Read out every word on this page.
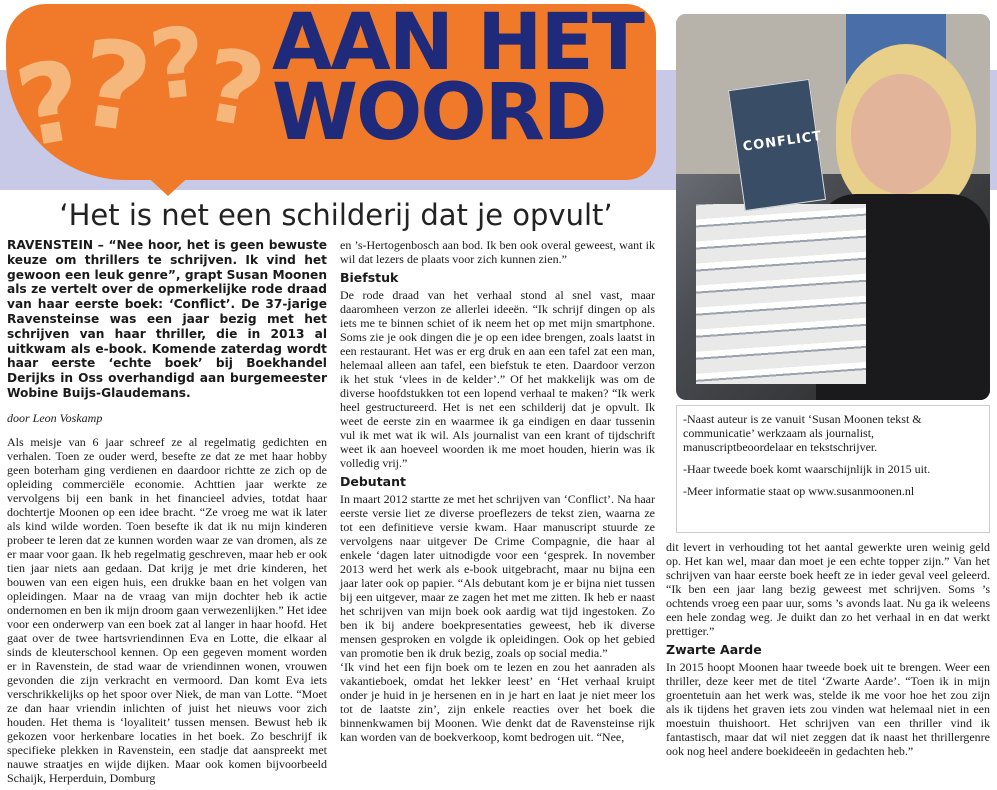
?
?
?
? AAN HET
WOORD	CONFLICT
‘Het is net een schilderij dat je opvult’

RAVENSTEIN – “Nee hoor, het is geen bewuste keuze om thrillers te schrijven. Ik vind het gewoon een leuk genre”, grapt Susan Moonen als ze vertelt over de opmerkelijke rode draad van haar eerste boek: ‘Conflict’. De 37-jarige Ravensteinse was een jaar bezig met het schrijven van haar thriller, die in 2013 al uitkwam als e-book. Komende zaterdag wordt haar eerste ‘echte boek’ bij Boekhandel Derijks in Oss overhandigd aan burgemeester Wobine Buijs-Glaudemans.

door Leon Voskamp

Als meisje van 6 jaar schreef ze al regelmatig gedichten en verhalen. Toen ze ouder werd, besefte ze dat ze met haar hobby geen boterham ging verdienen en daardoor richtte ze zich op de opleiding commerciële economie. Achttien jaar werkte ze vervolgens bij een bank in het financieel advies, totdat haar dochtertje Moonen op een idee bracht. “Ze vroeg me wat ik later als kind wilde worden. Toen besefte ik dat ik nu mijn kinderen probeer te leren dat ze kunnen worden waar ze van dromen, als ze er maar voor gaan. Ik heb regelmatig geschreven, maar heb er ook tien jaar niets aan gedaan. Dat krijg je met drie kinderen, het bouwen van een eigen huis, een drukke baan en het volgen van opleidingen. Maar na de vraag van mijn dochter heb ik actie ondernomen en ben ik mijn droom gaan verwezenlijken.” Het idee voor een onderwerp van een boek zat al langer in haar hoofd. Het gaat over de twee hartsvriendinnen Eva en Lotte, die elkaar al sinds de kleuterschool kennen. Op een gegeven moment worden er in Ravenstein, de stad waar de vriendinnen wonen, vrouwen gevonden die zijn verkracht en vermoord. Dan komt Eva iets verschrikkelijks op het spoor over Niek, de man van Lotte. “Moet ze dan haar vriendin inlichten of juist het nieuws voor zich houden. Het thema is ‘loyaliteit’ tussen mensen. Bewust heb ik gekozen voor herkenbare locaties in het boek. Zo beschrijf ik specifieke plekken in Ravenstein, een stadje dat aanspreekt met nauwe straatjes en wijde dijken. Maar ook komen bijvoorbeeld Schaijk, Herperduin, Domburg

en ’s-Hertogenbosch aan bod. Ik ben ook overal geweest, want ik wil dat lezers de plaats voor zich kunnen zien.”

Biefstuk

De rode draad van het verhaal stond al snel vast, maar daaromheen verzon ze allerlei ideeën. “Ik schrijf dingen op als iets me te binnen schiet of ik neem het op met mijn smartphone. Soms zie je ook dingen die je op een idee brengen, zoals laatst in een restaurant. Het was er erg druk en aan een tafel zat een man, helemaal alleen aan tafel, een biefstuk te eten. Daardoor verzon ik het stuk ‘vlees in de kelder’.” Of het makkelijk was om de diverse hoofdstukken tot een lopend verhaal te maken? “Ik werk heel gestructureerd. Het is net een schilderij dat je opvult. Ik weet de eerste zin en waarmee ik ga eindigen en daar tussenin vul ik met wat ik wil. Als journalist van een krant of tijdschrift weet ik aan hoeveel woorden ik me moet houden, hierin was ik volledig vrij.”

Debutant

In maart 2012 startte ze met het schrijven van ‘Conflict’. Na haar eerste versie liet ze diverse proeflezers de tekst zien, waarna ze tot een definitieve versie kwam. Haar manuscript stuurde ze vervolgens naar uitgever De Crime Compagnie, die haar al enkele ‘dagen later uitnodigde voor een ‘gesprek. In november 2013 werd het werk als e-book uitgebracht, maar nu bijna een jaar later ook op papier. “Als debutant kom je er bijna niet tussen bij een uitgever, maar ze zagen het met me zitten. Ik heb er naast het schrijven van mijn boek ook aardig wat tijd ingestoken. Zo ben ik bij andere boekpresentaties geweest, heb ik diverse mensen gesproken en volgde ik opleidingen. Ook op het gebied van promotie ben ik druk bezig, zoals op social media.”

‘Ik vind het een fijn boek om te lezen en zou het aanraden als vakantieboek, omdat het lekker leest’ en ‘Het verhaal kruipt onder je huid in je hersenen en in je hart en laat je niet meer los tot de laatste zin’, zijn enkele reacties over het boek die binnenkwamen bij Moonen. Wie denkt dat de Ravensteinse rijk kan worden van de boekverkoop, komt bedrogen uit. “Nee,

-Naast auteur is ze vanuit ‘Susan Moonen tekst & communicatie’ werkzaam als journalist, manuscriptbeoordelaar en tekstschrijver.

-Haar tweede boek komt waarschijnlijk in 2015 uit.

-Meer informatie staat op www.susanmoonen.nl

dit levert in verhouding tot het aantal gewerkte uren weinig geld op. Het kan wel, maar dan moet je een echte topper zijn.” Van het schrijven van haar eerste boek heeft ze in ieder geval veel geleerd. “Ik ben een jaar lang bezig geweest met schrijven. Soms ’s ochtends vroeg een paar uur, soms ’s avonds laat. Nu ga ik weleens een hele zondag weg. Je duikt dan zo het verhaal in en dat werkt prettiger.”

Zwarte Aarde

In 2015 hoopt Moonen haar tweede boek uit te brengen. Weer een thriller, deze keer met de titel ‘Zwarte Aarde’. “Toen ik in mijn groentetuin aan het werk was, stelde ik me voor hoe het zou zijn als ik tijdens het graven iets zou vinden wat helemaal niet in een moestuin thuishoort. Het schrijven van een thriller vind ik fantastisch, maar dat wil niet zeggen dat ik naast het thrillergenre ook nog heel andere boekideeën in gedachten heb.”
